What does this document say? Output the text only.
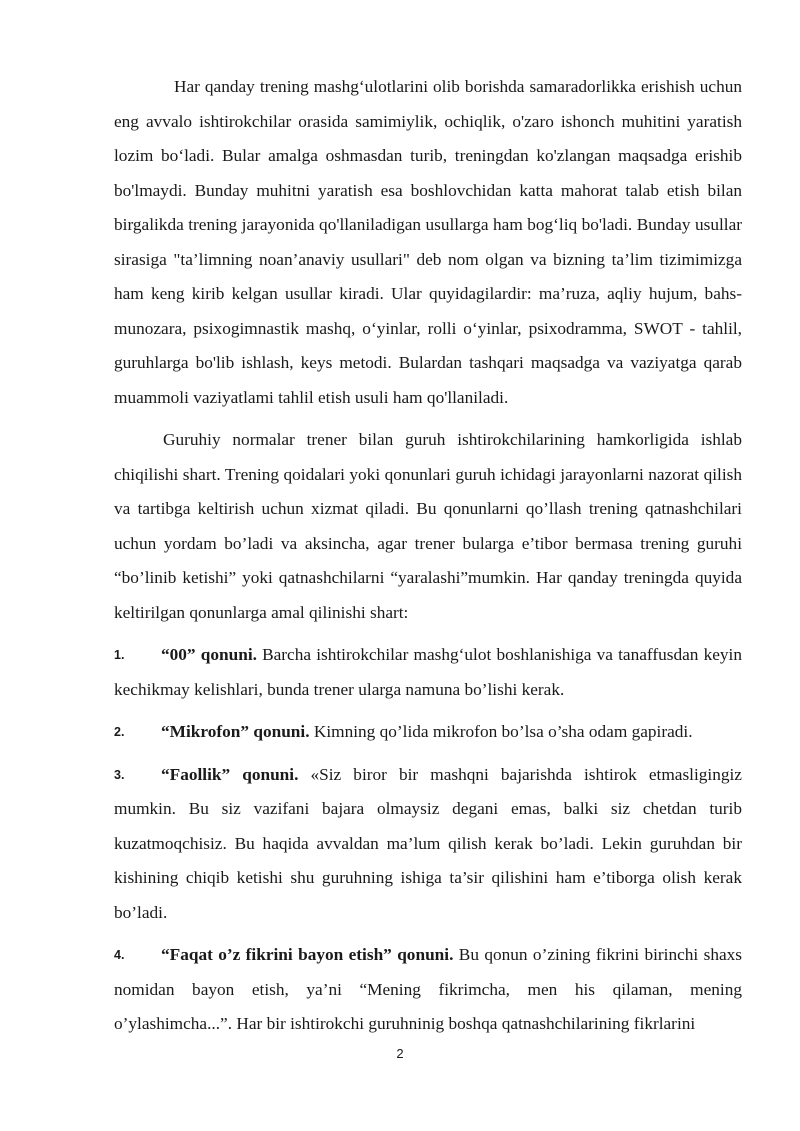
Har qanday trening mashg‘ulotlarini olib borishda samaradorlikka erishish uchun eng avvalo ishtirokchilar orasida samimiylik, ochiqlik, o'zaro ishonch muhitini yaratish lozim bo‘ladi. Bular amalga oshmasdan turib, treningdan ko'zlangan maqsadga erishib bo'lmaydi. Bunday muhitni yaratish esa boshlovchidan katta mahorat talab etish bilan birgalikda trening jarayonida qo'llaniladigan usullarga ham bog‘liq bo'ladi. Bunday usullar sirasiga "ta’limning noan’anaviy usullari" deb nom olgan va bizning ta’lim tizimimizga ham keng kirib kelgan usullar kiradi. Ular quyidagilardir: ma’ruza, aqliy hujum, bahs-munozara, psixogimnastik mashq, o‘yinlar, rolli o‘yinlar, psixodramma, SWOT - tahlil, guruhlarga bo'lib ishlash, keys metodi. Bulardan tashqari maqsadga va vaziyatga qarab muammoli vaziyatlami tahlil etish usuli ham qo'llaniladi.

Guruhiy normalar trener bilan guruh ishtirokchilarining hamkorligida ishlab chiqilishi shart. Trening qoidalari yoki qonunlari guruh ichidagi jarayonlarni nazorat qilish va tartibga keltirish uchun xizmat qiladi. Bu qonunlarni qo’llash trening qatnashchilari uchun yordam bo’ladi va aksincha, agar trener bularga e’tibor bermasa trening guruhi “bo’linib ketishi” yoki qatnashchilarni “yaralashi”mumkin. Har qanday treningda quyida keltirilgan qonunlarga amal qilinishi shart:

1. “00” qonuni. Barcha ishtirokchilar mashg‘ulot boshlanishiga va tanaffusdan keyin kechikmay kelishlari, bunda trener ularga namuna bo’lishi kerak.

2. “Mikrofon” qonuni. Kimning qo’lida mikrofon bo’lsa o’sha odam gapiradi.

3. “Faollik” qonuni. «Siz biror bir mashqni bajarishda ishtirok etmasligingiz mumkin. Bu siz vazifani bajara olmaysiz degani emas, balki siz chetdan turib kuzatmoqchisiz. Bu haqida avvaldan ma’lum qilish kerak bo’ladi. Lekin guruhdan bir kishining chiqib ketishi shu guruhning ishiga ta’sir qilishini ham e’tiborga olish kerak bo’ladi.

4. “Faqat o’z fikrini bayon etish” qonuni. Bu qonun o’zining fikrini birinchi shaxs nomidan bayon etish, ya’ni “Mening fikrimcha, men his qilaman, mening o’ylashimcha...”. Har bir ishtirokchi guruhninig boshqa qatnashchilarining fikrlarini

2
